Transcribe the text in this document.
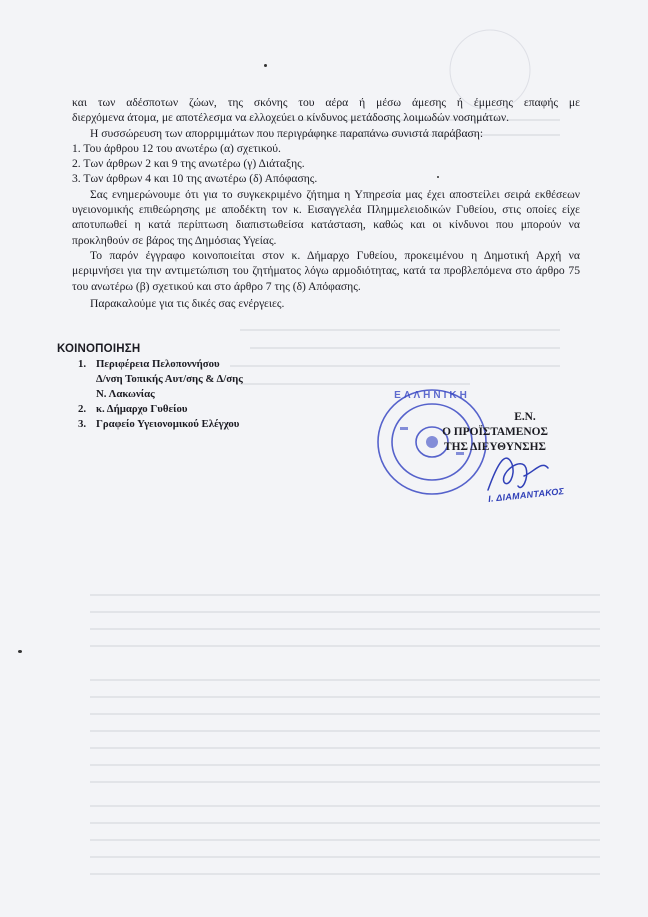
και των αδέσποτων ζώων, της σκόνης του αέρα ή μέσω άμεσης ή έμμεσης επαφής με

διερχόμενα άτομα, με αποτέλεσμα να ελλοχεύει ο κίνδυνος μετάδοσης λοιμωδών νοσημάτων.

Η συσσώρευση των απορριμμάτων που περιγράφηκε παραπάνω συνιστά παράβαση:

1. Του άρθρου 12 του ανωτέρω (α) σχετικού.

2. Των άρθρων 2 και 9 της ανωτέρω (γ) Διάταξης.

3. Των άρθρων 4 και 10 της ανωτέρω (δ) Απόφασης.

Σας ενημερώνουμε ότι για το συγκεκριμένο ζήτημα η Υπηρεσία μας έχει αποστείλει σειρά εκθέσεων υγειονομικής επιθεώρησης με αποδέκτη τον κ. Εισαγγελέα Πλημμελειοδικών Γυθείου, στις οποίες είχε αποτυπωθεί η κατά περίπτωση διαπιστωθείσα κατάσταση, καθώς και οι κίνδυνοι που μπορούν να προκληθούν σε βάρος της Δημόσιας Υγείας.

Το παρόν έγγραφο κοινοποιείται στον κ. Δήμαρχο Γυθείου, προκειμένου η Δημοτική Αρχή να μεριμνήσει για την αντιμετώπιση του ζητήματος λόγω αρμοδιότητας, κατά τα προβλεπόμενα στο άρθρο 75 του ανωτέρω (β) σχετικού και στο άρθρο 7 της (δ) Απόφασης.

Παρακαλούμε για τις δικές σας ενέργειες.

ΚΟΙΝΟΠΟΙΗΣΗ
1. Περιφέρεια Πελοποννήσου
Δ/νση Τοπικής Αυτ/σης & Δ/σης
Ν. Λακωνίας
2. κ. Δήμαρχο Γυθείου
3. Γραφείο Υγειονομικού Ελέγχου
ΕΛΛΗΝΙΚΗ
Ε.Ν.
Ο ΠΡΟΪΣΤΑΜΕΝΟΣ
ΤΗΣ ΔΙΕΥΘΥΝΣΗΣ
Ι. ΔΙΑΜΑΝΤΑΚΟΣ
